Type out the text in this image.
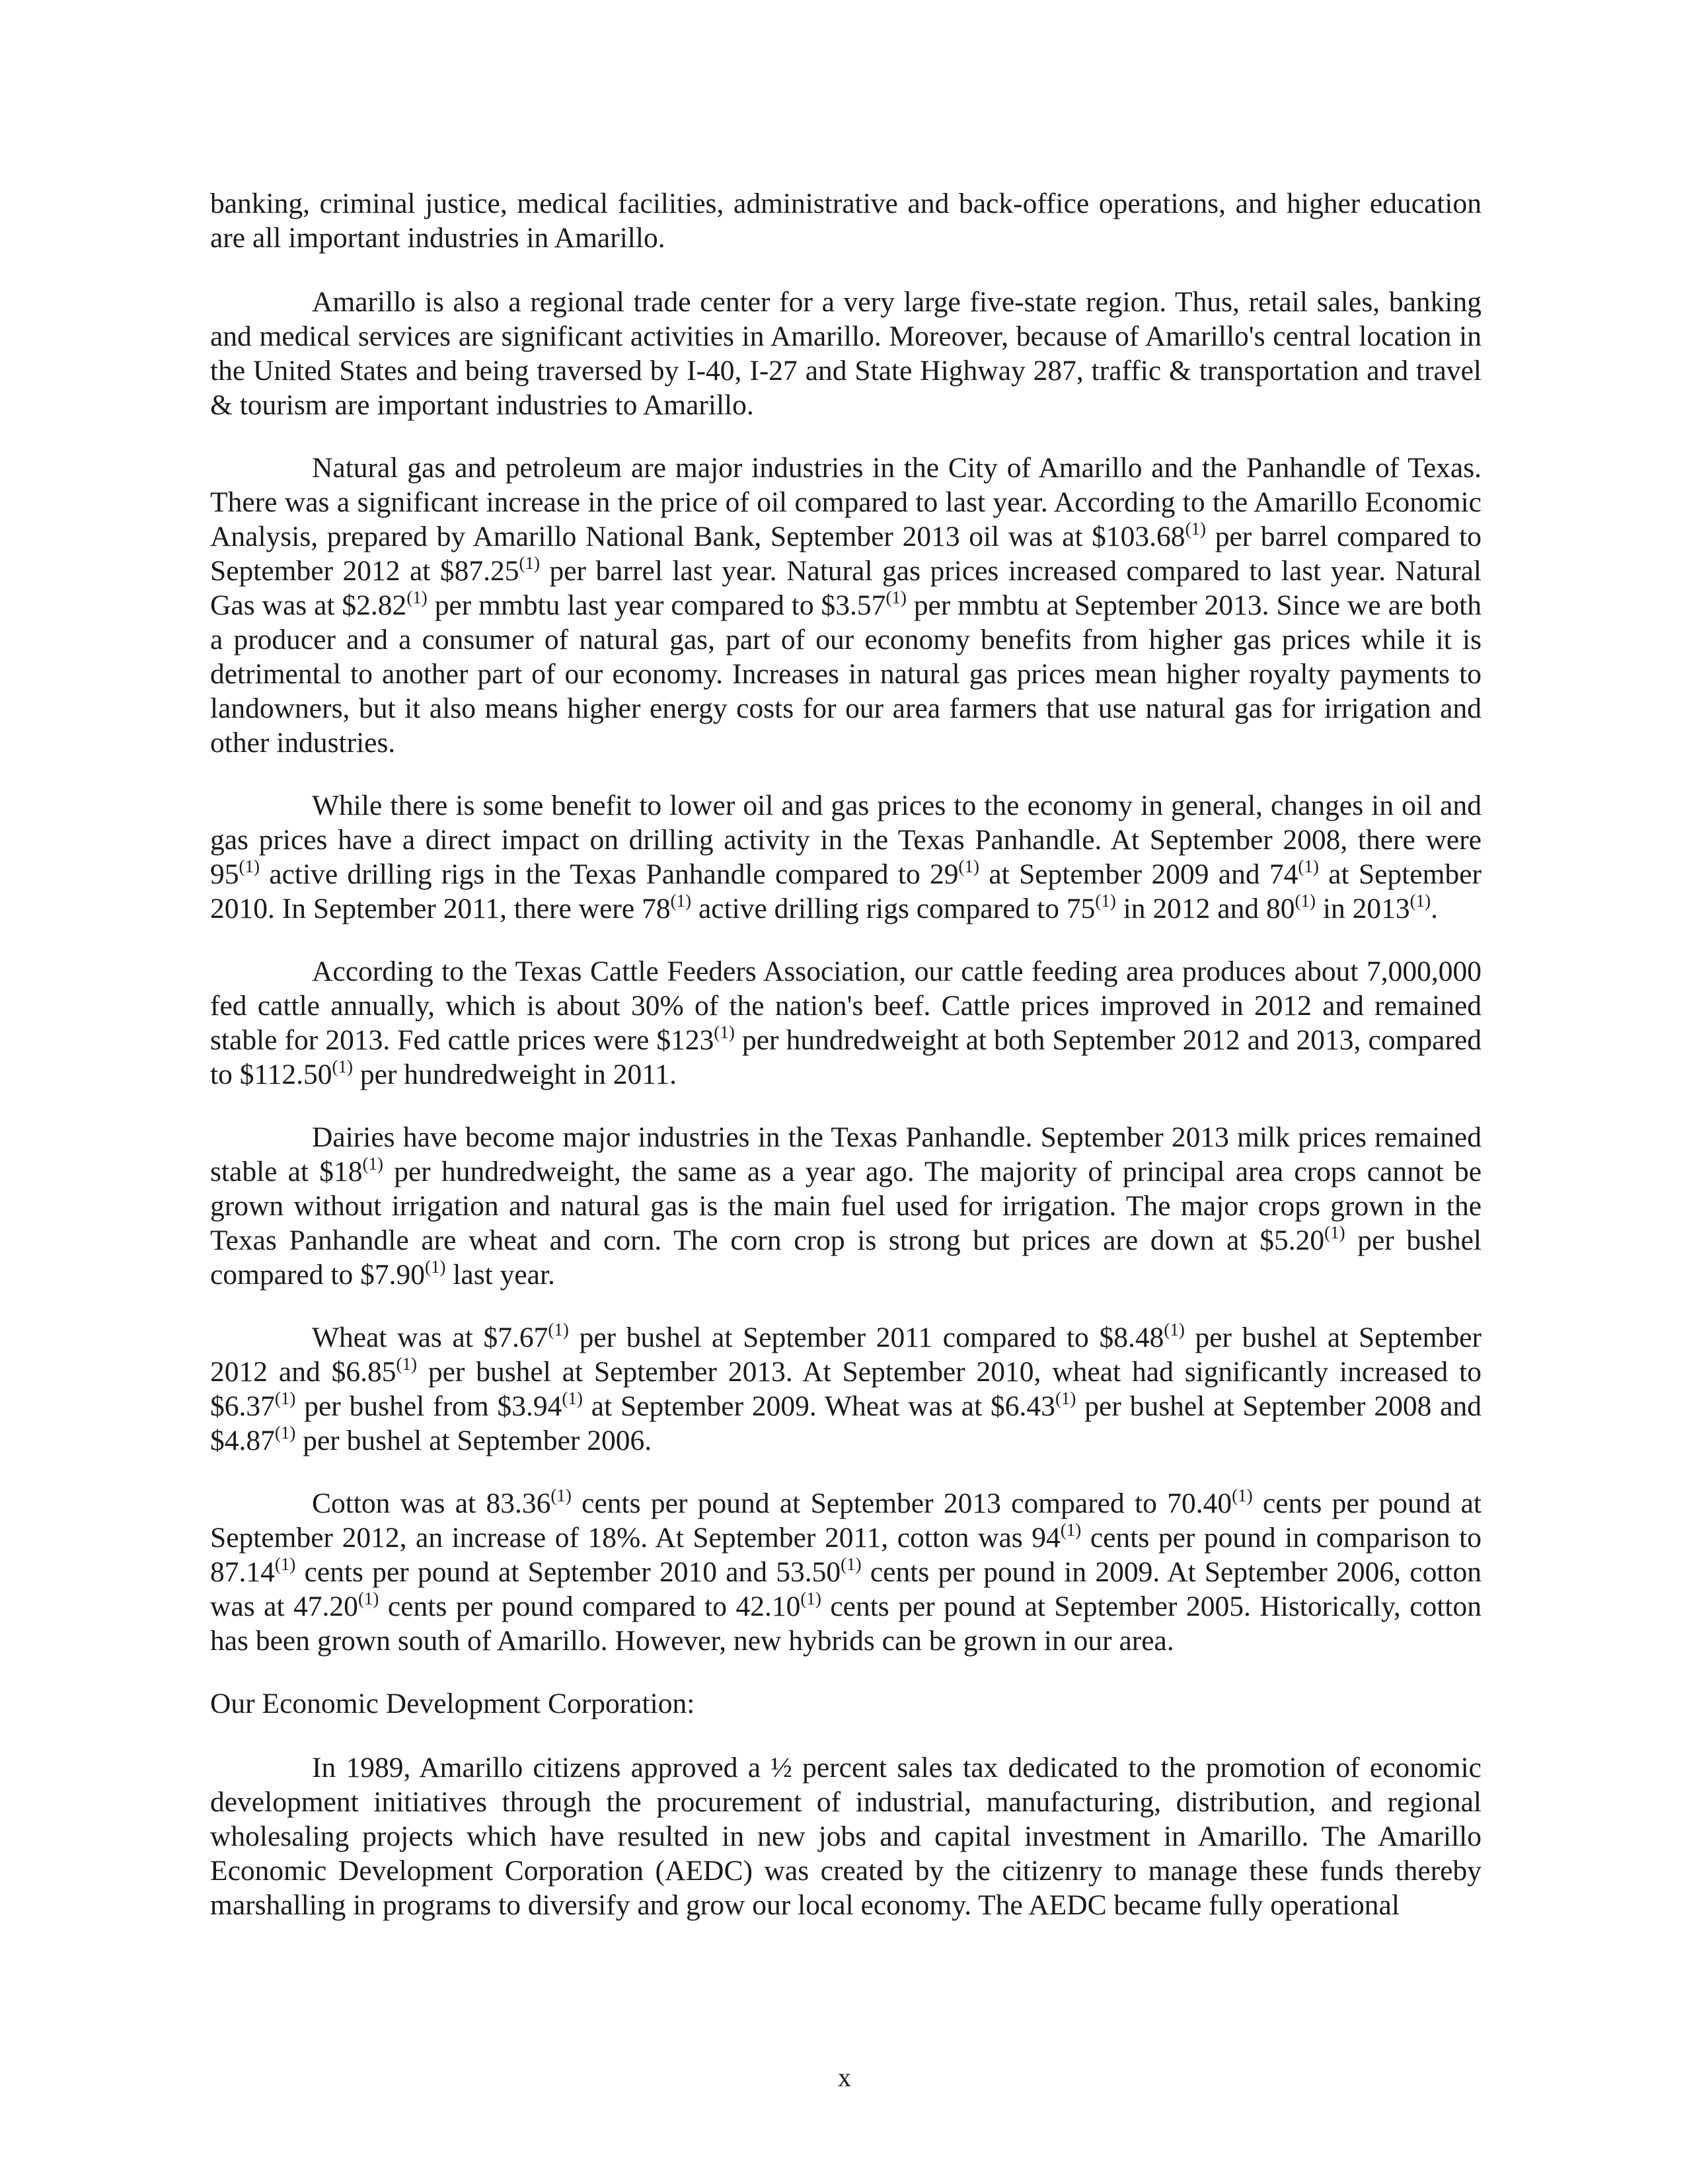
banking, criminal justice, medical facilities, administrative and back-office operations, and higher education are all important industries in Amarillo.

Amarillo is also a regional trade center for a very large five-state region. Thus, retail sales, banking and medical services are significant activities in Amarillo. Moreover, because of Amarillo's central location in the United States and being traversed by I-40, I-27 and State Highway 287, traffic & transportation and travel & tourism are important industries to Amarillo.

Natural gas and petroleum are major industries in the City of Amarillo and the Panhandle of Texas. There was a significant increase in the price of oil compared to last year. According to the Amarillo Economic Analysis, prepared by Amarillo National Bank, September 2013 oil was at $103.68$^{(1)}$ per barrel compared to September 2012 at $87.25$^{(1)}$ per barrel last year. Natural gas prices increased compared to last year. Natural Gas was at $2.82$^{(1)}$ per mmbtu last year compared to $3.57$^{(1)}$ per mmbtu at September 2013. Since we are both a producer and a consumer of natural gas, part of our economy benefits from higher gas prices while it is detrimental to another part of our economy. Increases in natural gas prices mean higher royalty payments to landowners, but it also means higher energy costs for our area farmers that use natural gas for irrigation and other industries.

While there is some benefit to lower oil and gas prices to the economy in general, changes in oil and gas prices have a direct impact on drilling activity in the Texas Panhandle. At September 2008, there were 95$^{(1)}$ active drilling rigs in the Texas Panhandle compared to 29$^{(1)}$ at September 2009 and 74$^{(1)}$ at September 2010. In September 2011, there were 78$^{(1)}$ active drilling rigs compared to 75$^{(1)}$ in 2012 and 80$^{(1)}$ in 2013$^{(1)}$.

According to the Texas Cattle Feeders Association, our cattle feeding area produces about 7,000,000 fed cattle annually, which is about 30% of the nation's beef. Cattle prices improved in 2012 and remained stable for 2013. Fed cattle prices were $123$^{(1)}$ per hundredweight at both September 2012 and 2013, compared to $112.50$^{(1)}$ per hundredweight in 2011.

Dairies have become major industries in the Texas Panhandle. September 2013 milk prices remained stable at $18$^{(1)}$ per hundredweight, the same as a year ago. The majority of principal area crops cannot be grown without irrigation and natural gas is the main fuel used for irrigation. The major crops grown in the Texas Panhandle are wheat and corn. The corn crop is strong but prices are down at $5.20$^{(1)}$ per bushel compared to $7.90$^{(1)}$ last year.

Wheat was at $7.67$^{(1)}$ per bushel at September 2011 compared to $8.48$^{(1)}$ per bushel at September 2012 and $6.85$^{(1)}$ per bushel at September 2013. At September 2010, wheat had significantly increased to $6.37$^{(1)}$ per bushel from $3.94$^{(1)}$ at September 2009. Wheat was at $6.43$^{(1)}$ per bushel at September 2008 and $4.87$^{(1)}$ per bushel at September 2006.

Cotton was at 83.36$^{(1)}$ cents per pound at September 2013 compared to 70.40$^{(1)}$ cents per pound at September 2012, an increase of 18%. At September 2011, cotton was 94$^{(1)}$ cents per pound in comparison to 87.14$^{(1)}$ cents per pound at September 2010 and 53.50$^{(1)}$ cents per pound in 2009. At September 2006, cotton was at 47.20$^{(1)}$ cents per pound compared to 42.10$^{(1)}$ cents per pound at September 2005. Historically, cotton has been grown south of Amarillo. However, new hybrids can be grown in our area.

Our Economic Development Corporation:

In 1989, Amarillo citizens approved a ½ percent sales tax dedicated to the promotion of economic development initiatives through the procurement of industrial, manufacturing, distribution, and regional wholesaling projects which have resulted in new jobs and capital investment in Amarillo. The Amarillo Economic Development Corporation (AEDC) was created by the citizenry to manage these funds thereby marshalling in programs to diversify and grow our local economy. The AEDC became fully operational

x
